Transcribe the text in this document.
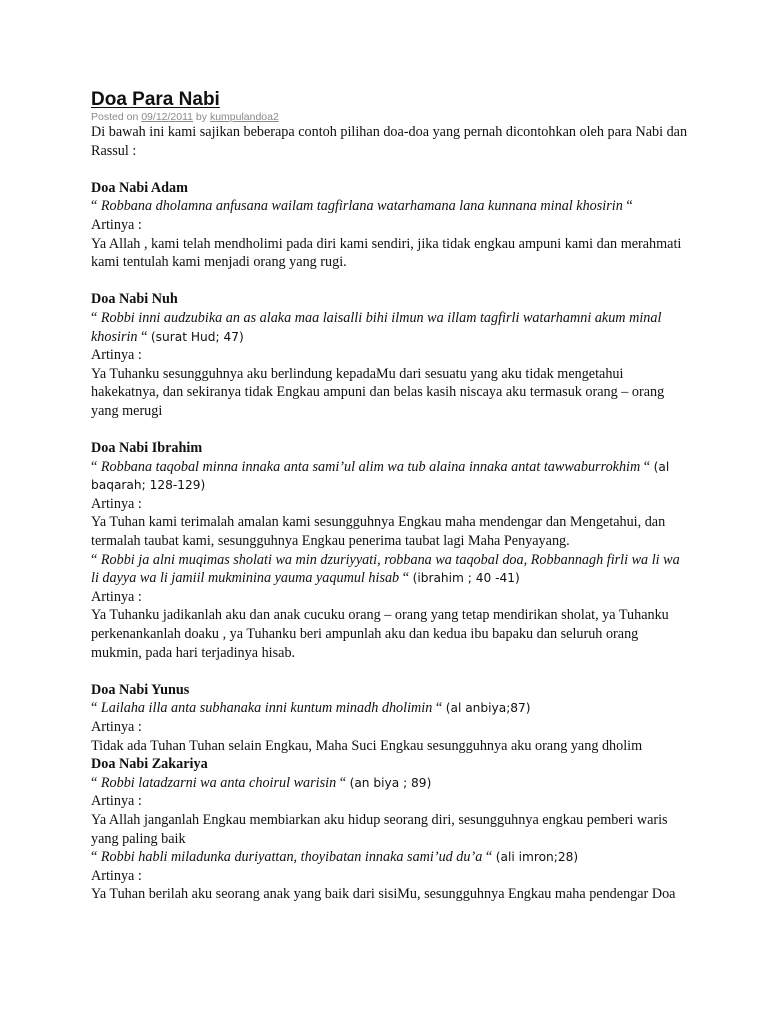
Doa Para Nabi
Posted on 09/12/2011 by kumpulandoa2

Di bawah ini kami sajikan beberapa contoh pilihan doa-doa yang pernah dicontohkan oleh para Nabi dan Rassul :

Doa Nabi Adam

“ Robbana dholamna anfusana wailam tagfirlana watarhamana lana kunnana minal khosirin “

Artinya :

Ya Allah , kami telah mendholimi pada diri kami sendiri, jika tidak engkau ampuni kami dan merahmati kami tentulah kami menjadi orang yang rugi.

Doa Nabi Nuh

“ Robbi inni audzubika an as alaka maa laisalli bihi ilmun wa illam tagfirli watarhamni akum minal khosirin “ (surat Hud; 47)

Artinya :

Ya Tuhanku sesungguhnya aku berlindung kepadaMu dari sesuatu yang aku tidak mengetahui hakekatnya, dan sekiranya tidak Engkau ampuni dan belas kasih niscaya aku termasuk orang – orang yang merugi

Doa Nabi Ibrahim

“ Robbana taqobal minna innaka anta sami’ul alim wa tub alaina innaka antat tawwaburrokhim “ (al baqarah; 128-129)

Artinya :

Ya Tuhan kami terimalah amalan kami sesungguhnya Engkau maha mendengar dan Mengetahui, dan termalah taubat kami, sesungguhnya Engkau penerima taubat lagi Maha Penyayang.

“ Robbi ja alni muqimas sholati wa min dzuriyyati, robbana wa taqobal doa, Robbannagh firli wa li wa li dayya wa li jamiil mukminina yauma yaqumul hisab “ (ibrahim ; 40 -41)

Artinya :

Ya Tuhanku jadikanlah aku dan anak cucuku orang – orang yang tetap mendirikan sholat, ya Tuhanku perkenankanlah doaku , ya Tuhanku beri ampunlah aku dan kedua ibu bapaku dan seluruh orang mukmin, pada hari terjadinya hisab.

Doa Nabi Yunus

“ Lailaha illa anta subhanaka inni kuntum minadh dholimin “ (al anbiya;87)

Artinya :

Tidak ada Tuhan Tuhan selain Engkau, Maha Suci Engkau sesungguhnya aku orang yang dholim

Doa Nabi Zakariya

“ Robbi latadzarni wa anta choirul warisin “ (an biya ; 89)

Artinya :

Ya Allah janganlah Engkau membiarkan aku hidup seorang diri, sesungguhnya engkau pemberi waris yang paling baik

“ Robbi habli miladunka duriyattan, thoyibatan innaka sami’ud du’a “ (ali imron;28)

Artinya :

Ya Tuhan berilah aku seorang anak yang baik dari sisiMu, sesungguhnya Engkau maha pendengar Doa
